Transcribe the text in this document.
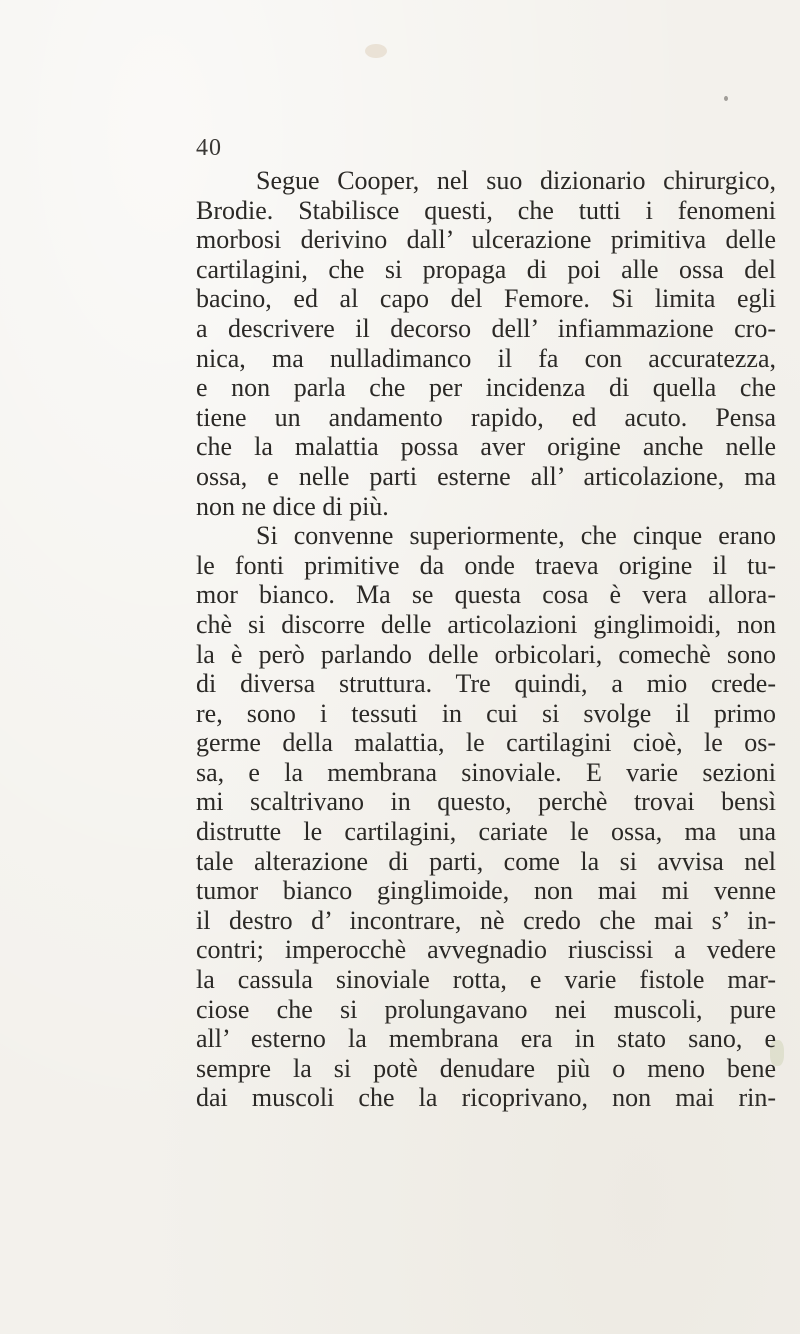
40
Segue Cooper, nel suo dizionario chirurgico,
Brodie. Stabilisce questi, che tutti i fenomeni
morbosi derivino dall’ ulcerazione primitiva delle
cartilagini, che si propaga di poi alle ossa del
bacino, ed al capo del Femore. Si limita egli
a descrivere il decorso dell’ infiammazione cro-
nica, ma nulladimanco il fa con accuratezza,
e non parla che per incidenza di quella che
tiene un andamento rapido, ed acuto. Pensa
che la malattia possa aver origine anche nelle
ossa, e nelle parti esterne all’ articolazione, ma
non ne dice di più.
Si convenne superiormente, che cinque erano
le fonti primitive da onde traeva origine il tu-
mor bianco. Ma se questa cosa è vera allora-
chè si discorre delle articolazioni ginglimoidi, non
la è però parlando delle orbicolari, comechè sono
di diversa struttura. Tre quindi, a mio crede-
re, sono i tessuti in cui si svolge il primo
germe della malattia, le cartilagini cioè, le os-
sa, e la membrana sinoviale. E varie sezioni
mi scaltrivano in questo, perchè trovai bensì
distrutte le cartilagini, cariate le ossa, ma una
tale alterazione di parti, come la si avvisa nel
tumor bianco ginglimoide, non mai mi venne
il destro d’ incontrare, nè credo che mai s’ in-
contri; imperocchè avvegnadio riuscissi a vedere
la cassula sinoviale rotta, e varie fistole mar-
ciose che si prolungavano nei muscoli, pure
all’ esterno la membrana era in stato sano, e
sempre la si potè denudare più o meno bene
dai muscoli che la ricoprivano, non mai rin-
